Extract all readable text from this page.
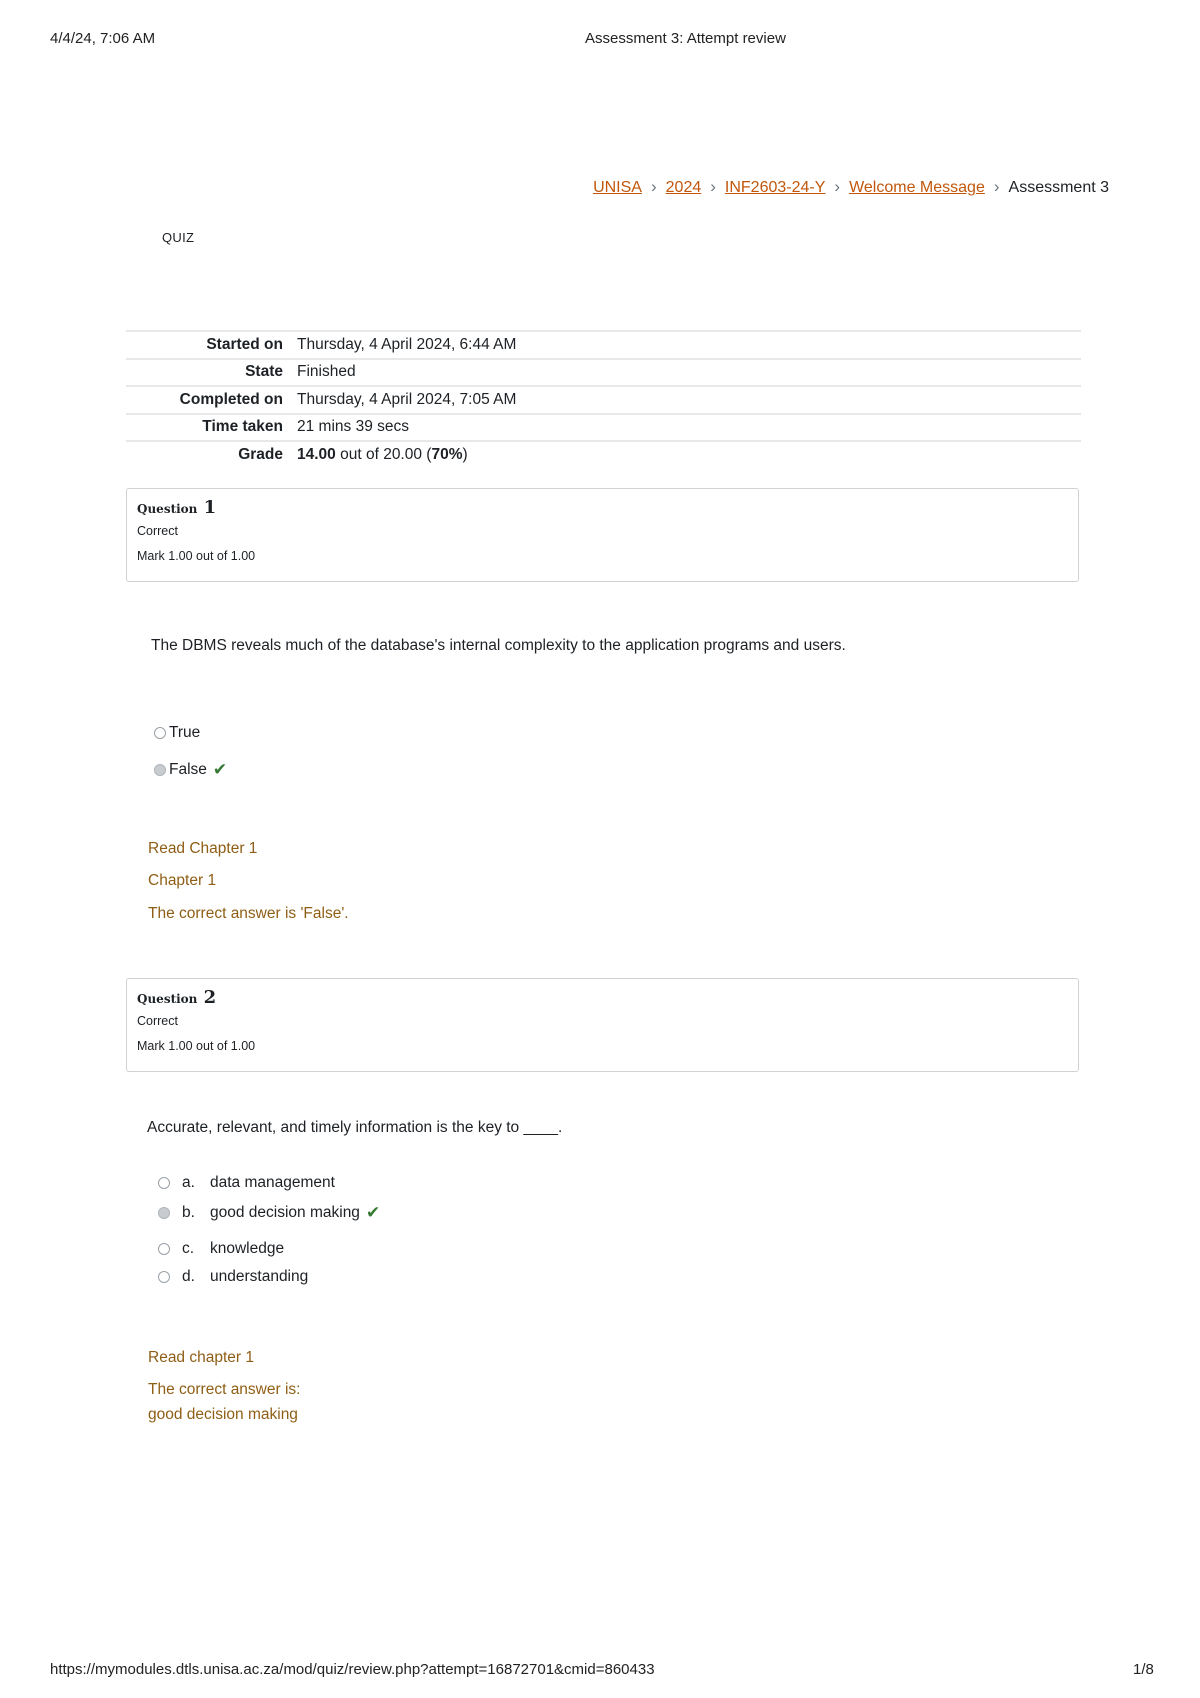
4/4/24, 7:06 AM	Assessment 3: Attempt review
UNISA › 2024 › INF2603-24-Y › Welcome Message › Assessment 3
QUIZ
Started on	Thursday, 4 April 2024, 6:44 AM
State	Finished
Completed on	Thursday, 4 April 2024, 7:05 AM
Time taken	21 mins 39 secs
Grade	14.00 out of 20.00 (70%)
Question 1
Correct
Mark 1.00 out of 1.00
The DBMS reveals much of the database's internal complexity to the application programs and users.
True
False ✔
Read Chapter 1
Chapter 1
The correct answer is 'False'.
Question 2
Correct
Mark 1.00 out of 1.00
Accurate, relevant, and timely information is the key to ____.
a. data management
b. good decision making ✔
c.	knowledge
d. understanding
Read chapter 1
The correct answer is:
good decision making
https://mymodules.dtls.unisa.ac.za/mod/quiz/review.php?attempt=16872701&cmid=860433	1/8
